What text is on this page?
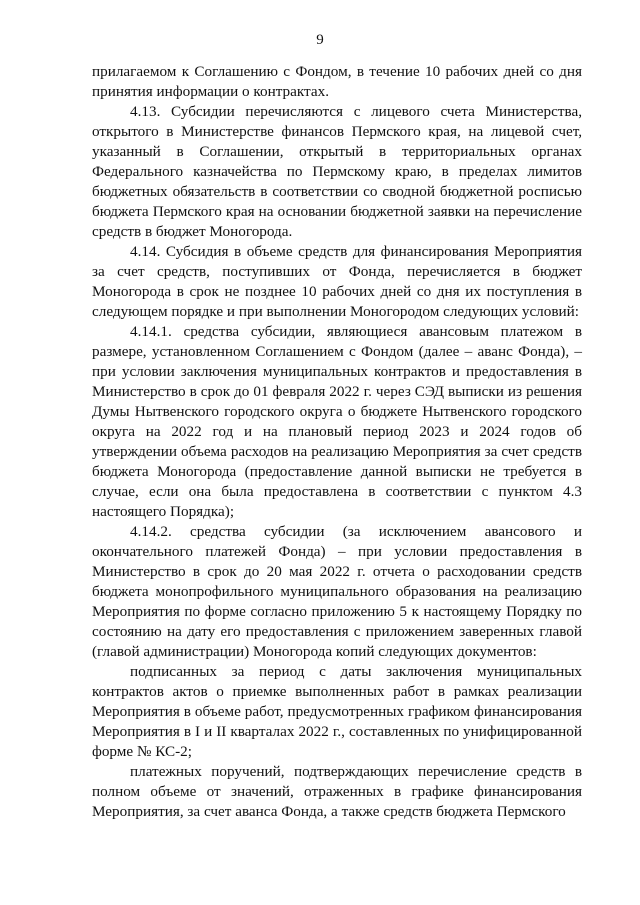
9

прилагаемом к Соглашению с Фондом, в течение 10 рабочих дней со дня принятия информации о контрактах.

4.13. Субсидии перечисляются с лицевого счета Министерства, открытого в Министерстве финансов Пермского края, на лицевой счет, указанный в Соглашении, открытый в территориальных органах Федерального казначейства по Пермскому краю, в пределах лимитов бюджетных обязательств в соответствии со сводной бюджетной росписью бюджета Пермского края на основании бюджетной заявки на перечисление средств в бюджет Моногорода.

4.14. Субсидия в объеме средств для финансирования Мероприятия за счет средств, поступивших от Фонда, перечисляется в бюджет Моногорода в срок не позднее 10 рабочих дней со дня их поступления в следующем порядке и при выполнении Моногородом следующих условий:

4.14.1. средства субсидии, являющиеся авансовым платежом в размере, установленном Соглашением с Фондом (далее – аванс Фонда), – при условии заключения муниципальных контрактов и предоставления в Министерство в срок до 01 февраля 2022 г. через СЭД выписки из решения Думы Нытвенского городского округа о бюджете Нытвенского городского округа на 2022 год и на плановый период 2023 и 2024 годов об утверждении объема расходов на реализацию Мероприятия за счет средств бюджета Моногорода (предоставление данной выписки не требуется в случае, если она была предоставлена в соответствии с пунктом 4.3 настоящего Порядка);

4.14.2. средства субсидии (за исключением авансового и окончательного платежей Фонда) – при условии предоставления в Министерство в срок до 20 мая 2022 г. отчета о расходовании средств бюджета монопрофильного муниципального образования на реализацию Мероприятия по форме согласно приложению 5 к настоящему Порядку по состоянию на дату его предоставления с приложением заверенных главой (главой администрации) Моногорода копий следующих документов:

подписанных за период с даты заключения муниципальных контрактов актов о приемке выполненных работ в рамках реализации Мероприятия в объеме работ, предусмотренных графиком финансирования Мероприятия в I и II кварталах 2022 г., составленных по унифицированной форме № КС-2;

платежных поручений, подтверждающих перечисление средств в полном объеме от значений, отраженных в графике финансирования Мероприятия, за счет аванса Фонда, а также средств бюджета Пермского
